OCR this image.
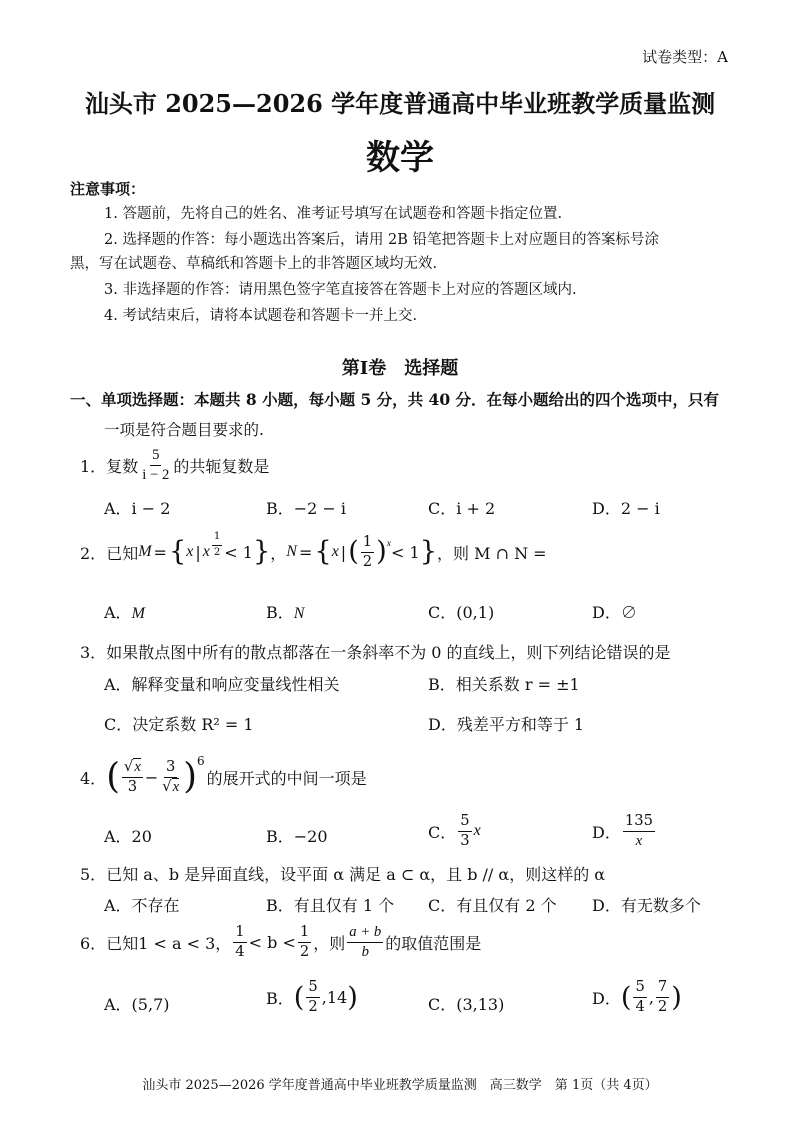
试卷类型：A
汕头市 2025—2026 学年度普通高中毕业班教学质量监测
数学
注意事项：
1. 答题前，先将自己的姓名、准考证号填写在试题卷和答题卡指定位置.
2. 选择题的作答：每小题选出答案后，请用 2B 铅笔把答题卡上对应题目的答案标号涂
黑，写在试题卷、草稿纸和答题卡上的非答题区域均无效.
3. 非选择题的作答：请用黑色签字笔直接答在答题卡上对应的答题区域内.
4. 考试结束后，请将本试题卷和答题卡一并上交.
第Ⅰ卷　选择题
一、单项选择题：本题共 8 小题，每小题 5 分，共 40 分．在每小题给出的四个选项中，只有
一项是符合题目要求的.
1． 复数 $\frac{5}{i - 2}$ 的共轭复数是
A．i − 2	B．−2 − i	C．i + 2	D．2 − i
2． 已知 M = { x | x $\frac{1}{2} < 1$ } ， N = { x | ( $\frac{1}{2}$ ) x < 1 } ，则 M ∩ N =
A．M	B．N	C．(0,1)	D．∅
3．如果散点图中所有的散点都落在一条斜率不为 0 的直线上，则下列结论错误的是
A．解释变量和响应变量线性相关	B．相关系数 r = ±1
C．决定系数 R² = 1	D．残差平方和等于 1
4． ( $\frac{√x}{3} - \frac{3}{√x}$ ) 6
的展开式的中间一项是
A．20	B．−20	C． $\frac{5}{3}$ x	D． $\frac{135}{x}$
5．已知 a、b 是异面直线，设平面 α 满足 a ⊂ α，且 b // α，则这样的 α
A．不存在	B．有且仅有 1 个 C．有且仅有 2 个 D．有无数多个
6． 已知1 < a < 3， $\frac{1}{4} < b < \frac{1}{2}$ ，则 $\frac{a + b}{b}$ 的取值范围是
A．(5,7)	B． ( $\frac{5}{2} ,14$ )	C．(3,13)	D． ( $\frac{5}{4}$ , $\frac{7}{2}$ )
汕头市 2025—2026 学年度普通高中毕业班教学质量监测　高三数学　第 1页（共 4页）
